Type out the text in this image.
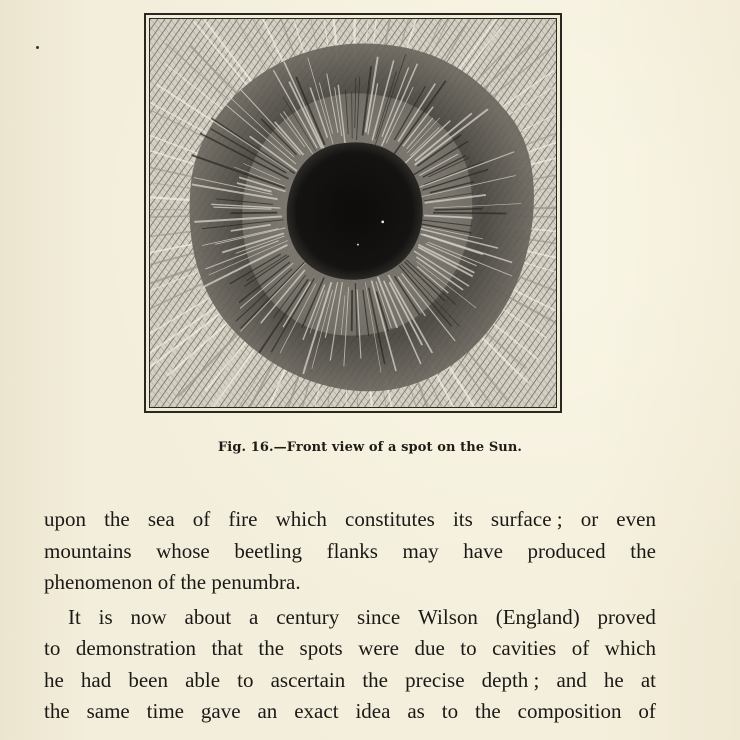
Fig. 16.—Front view of a spot on the Sun.
upon the sea of fire which constitutes its surface ; or even
mountains whose beetling flanks may have produced the
phenomenon of the penumbra.
It is now about a century since Wilson (England) proved
to demonstration that the spots were due to cavities of which
he had been able to ascertain the precise depth ; and he at
the same time gave an exact idea as to the composition of
